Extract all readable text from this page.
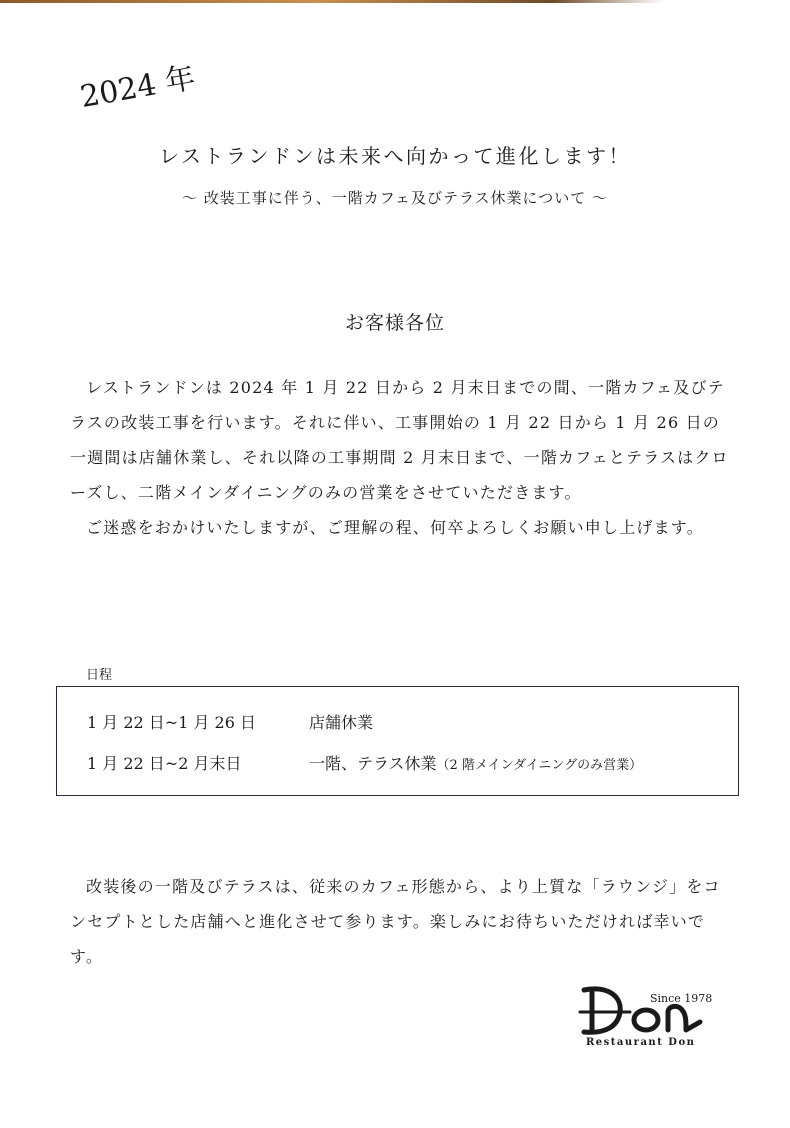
2024 年
レストランドンは未来へ向かって進化します！
～ 改装工事に伴う、一階カフェ及びテラス休業について ～
お客様各位

レストランドンは 2024 年 1 月 22 日から 2 月末日までの間、一階カフェ及びテラスの改装工事を行います。それに伴い、工事開始の 1 月 22 日から 1 月 26 日の一週間は店舗休業し、それ以降の工事期間 2 月末日まで、一階カフェとテラスはクローズし、二階メインダイニングのみの営業をさせていただきます。

ご迷惑をおかけいたしますが、ご理解の程、何卒よろしくお願い申し上げます。

日程
1 月 22 日~1 月 26 日	店舗休業
1 月 22 日~2 月末日	一階、テラス休業（2 階メインダイニングのみ営業）

改装後の一階及びテラスは、従来のカフェ形態から、より上質な「ラウンジ」をコンセプトとした店舗へと進化させて参ります。楽しみにお待ちいただければ幸いです。

Since 1978
Restaurant Don
